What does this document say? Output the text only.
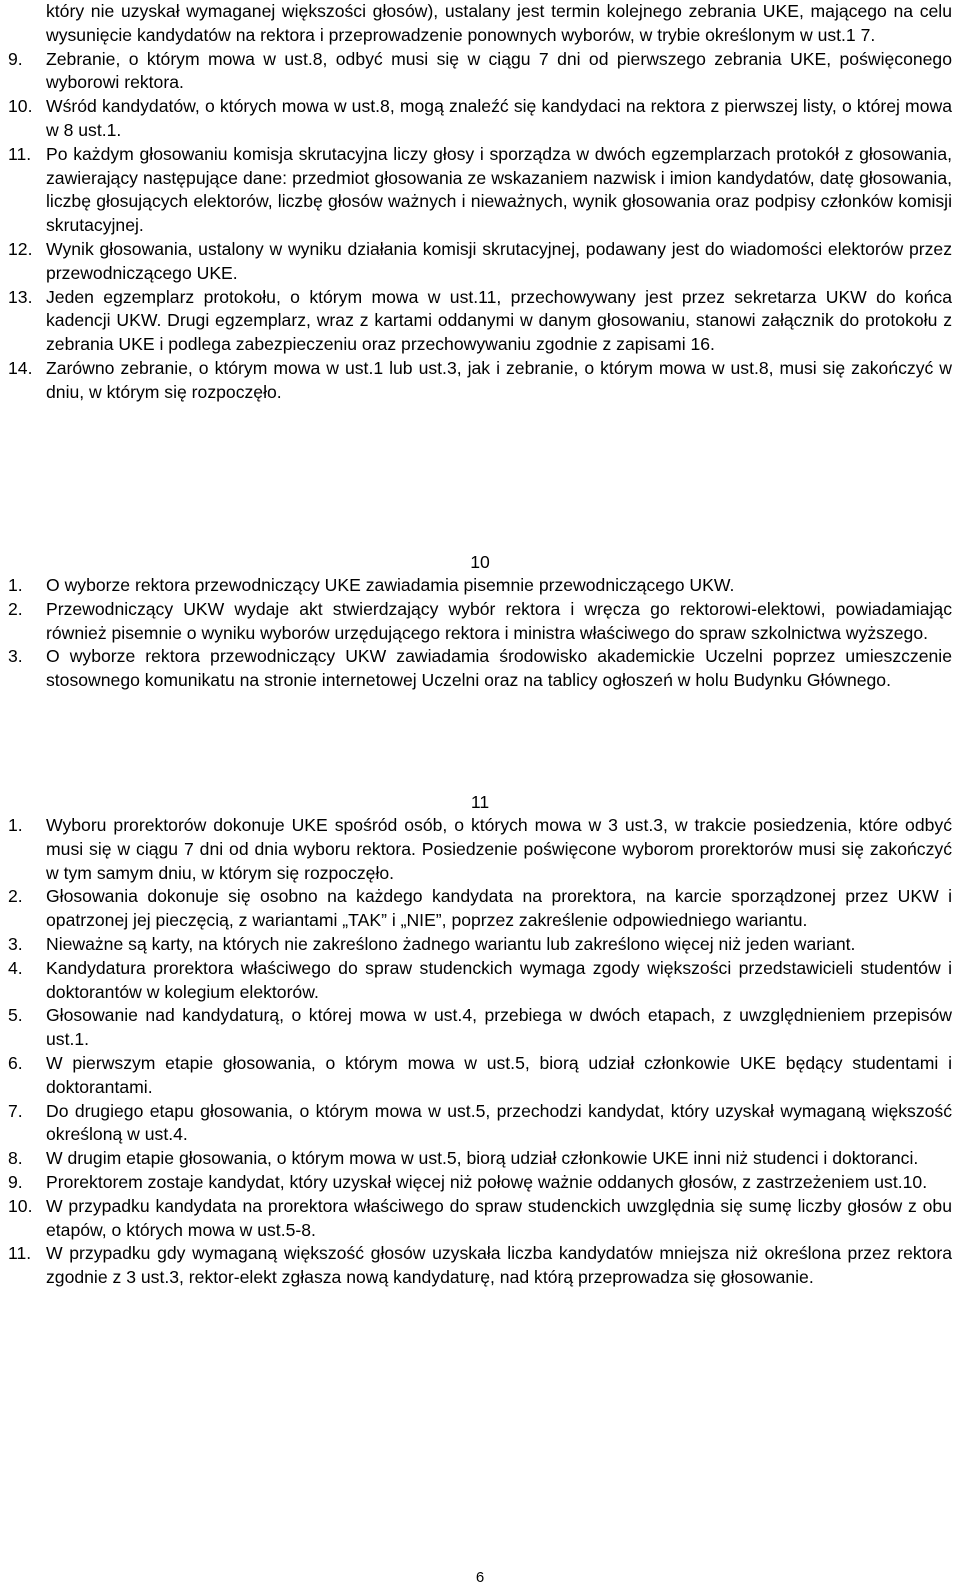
który nie uzyskał wymaganej większości głosów), ustalany jest termin kolejnego zebrania UKE, mającego na celu wysunięcie kandydatów na rektora i przeprowadzenie ponownych wyborów, w trybie określonym w ust.1 7.
9.	Zebranie, o którym mowa w ust.8, odbyć musi się w ciągu 7 dni od pierwszego zebrania UKE, poświęconego wyborowi rektora.
10. Wśród kandydatów, o których mowa w ust.8, mogą znaleźć się kandydaci na rektora z pierwszej listy, o której mowa w 8 ust.1.
11. Po każdym głosowaniu komisja skrutacyjna liczy głosy i sporządza w dwóch egzemplarzach protokół z głosowania, zawierający następujące dane: przedmiot głosowania ze wskazaniem nazwisk i imion kandydatów, datę głosowania, liczbę głosujących elektorów, liczbę głosów ważnych i nieważnych, wynik głosowania oraz podpisy członków komisji skrutacyjnej.
12. Wynik głosowania, ustalony w wyniku działania komisji skrutacyjnej, podawany jest do wiadomości elektorów przez przewodniczącego UKE.
13. Jeden egzemplarz protokołu, o którym mowa w ust.11, przechowywany jest przez sekretarza UKW do końca kadencji UKW. Drugi egzemplarz, wraz z kartami oddanymi w danym głosowaniu, stanowi załącznik do protokołu z zebrania UKE i podlega zabezpieczeniu oraz przechowywaniu zgodnie z zapisami 16.
14. Zarówno zebranie, o którym mowa w ust.1 lub ust.3, jak i zebranie, o którym mowa w ust.8, musi się zakończyć w dniu, w którym się rozpoczęło.
10
1.	O wyborze rektora przewodniczący UKE zawiadamia pisemnie przewodniczącego UKW.
2.	Przewodniczący UKW wydaje akt stwierdzający wybór rektora i wręcza go rektorowi-elektowi, powiadamiając również pisemnie o wyniku wyborów urzędującego rektora i ministra właściwego do spraw szkolnictwa wyższego.
3.	O wyborze rektora przewodniczący UKW zawiadamia środowisko akademickie Uczelni poprzez umieszczenie stosownego komunikatu na stronie internetowej Uczelni oraz na tablicy ogłoszeń w holu Budynku Głównego.
11
1.	Wyboru prorektorów dokonuje UKE spośród osób, o których mowa w 3 ust.3, w trakcie posiedzenia, które odbyć musi się w ciągu 7 dni od dnia wyboru rektora. Posiedzenie poświęcone wyborom prorektorów musi się zakończyć w tym samym dniu, w którym się rozpoczęło.
2.	Głosowania dokonuje się osobno na każdego kandydata na prorektora, na karcie sporządzonej przez UKW i opatrzonej jej pieczęcią, z wariantami „TAK” i „NIE”, poprzez zakreślenie odpowiedniego wariantu.
3.	Nieważne są karty, na których nie zakreślono żadnego wariantu lub zakreślono więcej niż jeden wariant.
4.	Kandydatura prorektora właściwego do spraw studenckich wymaga zgody większości przedstawicieli studentów i doktorantów w kolegium elektorów.
5.	Głosowanie nad kandydaturą, o której mowa w ust.4, przebiega w dwóch etapach, z uwzględnieniem przepisów ust.1.
6.	W pierwszym etapie głosowania, o którym mowa w ust.5, biorą udział członkowie UKE będący studentami i doktorantami.
7.	Do drugiego etapu głosowania, o którym mowa w ust.5, przechodzi kandydat, który uzyskał wymaganą większość określoną w ust.4.
8.	W drugim etapie głosowania, o którym mowa w ust.5, biorą udział członkowie UKE inni niż studenci i doktoranci.
9.	Prorektorem zostaje kandydat, który uzyskał więcej niż połowę ważnie oddanych głosów, z zastrzeżeniem ust.10.
10. W przypadku kandydata na prorektora właściwego do spraw studenckich uwzględnia się sumę liczby głosów z obu etapów, o których mowa w ust.5-8.
11. W przypadku gdy wymaganą większość głosów uzyskała liczba kandydatów mniejsza niż określona przez rektora zgodnie z 3 ust.3, rektor-elekt zgłasza nową kandydaturę, nad którą przeprowadza się głosowanie.
6
